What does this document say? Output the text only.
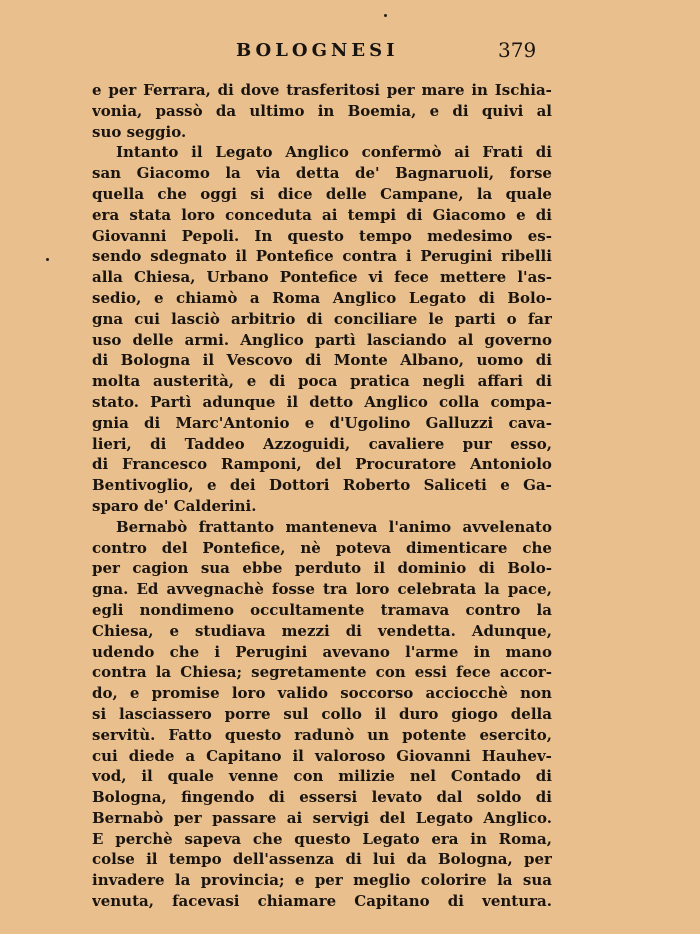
BOLOGNESI	379
e per Ferrara, di dove trasferitosi per mare in Ischia-
vonia, passò da ultimo in Boemia, e di quivi al
suo seggio.
Intanto il Legato Anglico confermò ai Frati di
san Giacomo la via detta de' Bagnaruoli, forse
quella che oggi si dice delle Campane, la quale
era stata loro conceduta ai tempi di Giacomo e di
Giovanni Pepoli. In questo tempo medesimo es-
sendo sdegnato il Pontefice contra i Perugini ribelli
alla Chiesa, Urbano Pontefice vi fece mettere l'as-
sedio, e chiamò a Roma Anglico Legato di Bolo-
gna cui lasciò arbitrio di conciliare le parti o far
uso delle armi. Anglico partì lasciando al governo
di Bologna il Vescovo di Monte Albano, uomo di
molta austerità, e di poca pratica negli affari di
stato. Partì adunque il detto Anglico colla compa-
gnia di Marc'Antonio e d'Ugolino Galluzzi cava-
lieri, di Taddeo Azzoguidi, cavaliere pur esso,
di Francesco Ramponi, del Procuratore Antoniolo
Bentivoglio, e dei Dottori Roberto Saliceti e Ga-
sparo de' Calderini.
Bernabò frattanto manteneva l'animo avvelenato
contro del Pontefice, nè poteva dimenticare che
per cagion sua ebbe perduto il dominio di Bolo-
gna. Ed avvegnachè fosse tra loro celebrata la pace,
egli nondimeno occultamente tramava contro la
Chiesa, e studiava mezzi di vendetta. Adunque,
udendo che i Perugini avevano l'arme in mano
contra la Chiesa; segretamente con essi fece accor-
do, e promise loro valido soccorso acciocchè non
si lasciassero porre sul collo il duro giogo della
servitù. Fatto questo radunò un potente esercito,
cui diede a Capitano il valoroso Giovanni Hauhev-
vod, il quale venne con milizie nel Contado di
Bologna, fingendo di essersi levato dal soldo di
Bernabò per passare ai servigi del Legato Anglico.
E perchè sapeva che questo Legato era in Roma,
colse il tempo dell'assenza di lui da Bologna, per
invadere la provincia; e per meglio colorire la sua
venuta, facevasi chiamare Capitano di ventura.
